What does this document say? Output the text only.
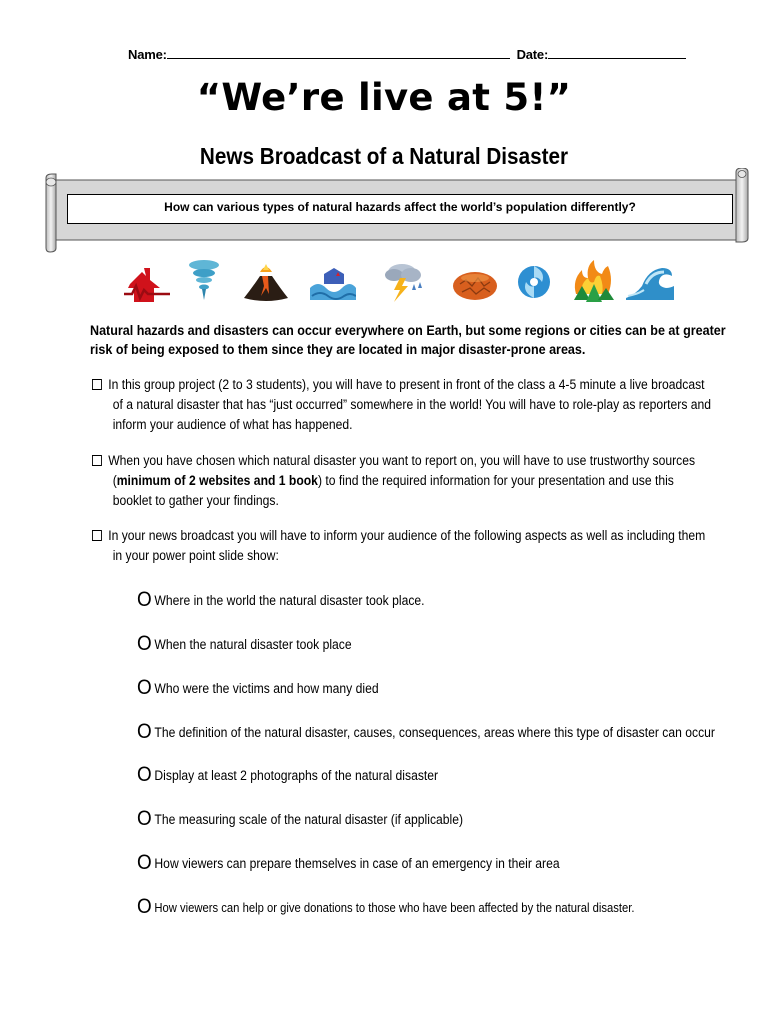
Name:	Date:
“We’re live at 5!”
News Broadcast of a Natural Disaster
How can various types of natural hazards affect the world’s population differently?
Natural hazards and disasters can occur everywhere on Earth, but some regions or cities can be at greater risk of being exposed to them since they are located in major disaster-prone areas.

In this group project (2 to 3 students), you will have to present in front of the class a 4-5 minute a live broadcast of a natural disaster that has “just occurred” somewhere in the world! You will have to role-play as reporters and inform your audience of what has happened.

When you have chosen which natural disaster you want to report on, you will have to use trustworthy sources (minimum of 2 websites and 1 book) to find the required information for your presentation and use this booklet to gather your findings.

In your news broadcast you will have to inform your audience of the following aspects as well as including them in your power point slide show:

O Where in the world the natural disaster took place.
O When the natural disaster took place
O Who were the victims and how many died
O The definition of the natural disaster, causes, consequences, areas where this type of disaster can occur
O Display at least 2 photographs of the natural disaster
O The measuring scale of the natural disaster (if applicable)
O How viewers can prepare themselves in case of an emergency in their area
O How viewers can help or give donations to those who have been affected by the natural disaster.
